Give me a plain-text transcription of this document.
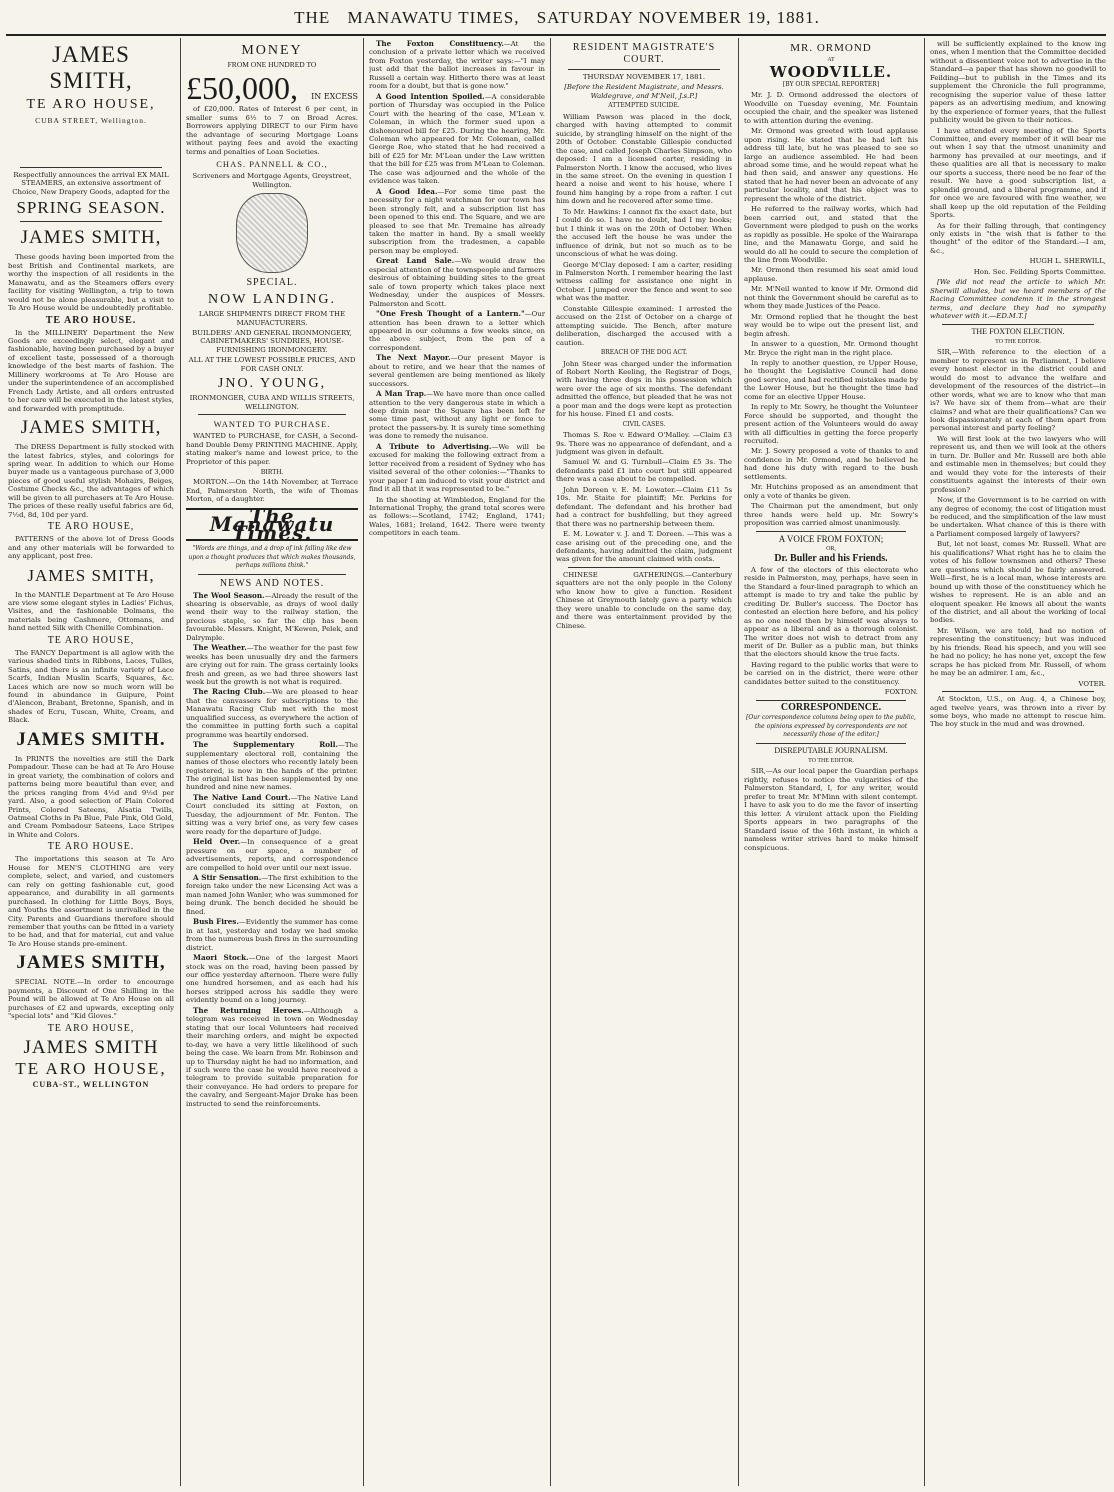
THE MANAWATU TIMES, SATURDAY NOVEMBER 19, 1881.
JAMES SMITH,
TE ARO HOUSE,
CUBA STREET, Wellington.

Respectfully announces the arrival EX MAIL STEAMERS, an extensive assortment of Choice, New Drapery Goods, adapted for the

SPRING SEASON.
JAMES SMITH,

These goods having been imported from the best British and Continental markets, are worthy the inspection of all residents in the Manawatu, and as the Steamers offers every facility for visiting Wellington, a trip to town would not be alone pleasurable, but a visit to Te Aro House would be undoubtedly profitable.

TE ARO HOUSE.

In the MILLINERY Department the New Goods are exceedingly select, elegant and fashionable, having been purchased by a buyer of excellent taste, possessed of a thorough knowledge of the best marts of fashion. The Millinery workrooms at Te Aro House are under the superintendence of an accomplished French Lady Artiste, and all orders entrusted to her care will be executed in the latest styles, and forwarded with promptitude.

JAMES SMITH,

The DRESS Department is fully stocked with the latest fabrics, styles, and colorings for spring wear. In addition to which our Home buyer made us a vantageous purchase of 3,000 pieces of good useful stylish Mohairs, Beiges, Costume Checks &c., the advantages of which will be given to all purchasers at Te Aro House. The prices of these really useful fabrics are 6d, 7½d, 8d, 10d per yard.

TE ARO HOUSE,

PATTERNS of the above lot of Dress Goods and any other materials will be forwarded to any applicant, post free.

JAMES SMITH,

In the MANTLE Department at Te Aro House are view some elegant styles in Ladies' Fichus, Visites, and the fashionable Dolmans, the materials being Cashmere, Ottomans, and hand netted Silk with Chenille Combination.

TE ARO HOUSE,

The FANCY Department is all aglow with the various shaded tints in Ribbons, Laces, Tulles, Satins, and there is an infinite variety of Lace Scarfs, Indian Muslin Scarfs, Squares, &c. Laces which are now so much worn will be found in abundance in Guipure, Point d'Alencon, Brabant, Bretonne, Spanish, and in shades of Ecru, Tuscan, White, Cream, and Black.

JAMES SMITH.

In PRINTS the novelties are still the Dark Pompadour. These can be had at Te Aro House in great variety, the combination of colors and patterns being more beautiful than ever, and the prices ranging from 4½d and 9½d per yard. Also, a good selection of Plain Colored Prints, Colored Sateens, Alsatia Twills, Oatmeal Cloths in Pa Blue, Pale Pink, Old Gold, and Cream Pombadour Sateens, Lace Stripes in White and Colors.

TE ARO HOUSE.

The importations this season at Te Aro House for MEN'S CLOTHING are very complete, select, and varied, and customers can rely on getting fashionable cut, good appearance, and durability in all garments purchased. In clothing for Little Boys, Boys, and Youths the assortment is unrivalled in the City. Parents and Guardians therefore should remember that youths can be fitted in a variety to be had, and that for material, cut and value Te Aro House stands pre-eminent.

JAMES SMITH,

SPECIAL NOTE.—In order to encourage payments, a Discount of One Shilling in the Pound will be allowed at Te Aro House on all purchases of £2 and upwards, excepting only "special lots" and "Kid Gloves."

TE ARO HOUSE,
JAMES SMITH
TE ARO HOUSE,
CUBA-ST., WELLINGTON
MONEY
FROM ONE HUNDRED TO
£50,000, IN EXCESS

of £20,000. Rates of Interest 6 per cent, in smaller sums 6½ to 7 on Broad Acres. Borrowers applying DIRECT to our Firm have the advantage of securing Mortgage Loans without paying fees and avoid the exacting terms and penalties of Loan Societies.

CHAS. PANNELL & CO.,

Scriveners and Mortgage Agents, Greystreet, Wellington.

SPECIAL.
NOW LANDING.

LARGE SHIPMENTS DIRECT FROM THE MANUFACTURERS.

BUILDERS' AND GENERAL IRONMONGERY, CABINETMAKERS' SUNDRIES, HOUSE-FURNISHING IRONMONGERY.

ALL AT THE LOWEST POSSIBLE PRICES, AND FOR CASH ONLY.

JNO. YOUNG,

IRONMONGER, CUBA AND WILLIS STREETS, WELLINGTON.

WANTED TO PURCHASE.

WANTED to PURCHASE, for CASH, a Second-hand Double Demy PRINTING MACHINE. Apply, stating maker's name and lowest price, to the Proprietor of this paper.

BIRTH.

MORTON.—On the 14th November, at Terrace End, Palmerston North, the wife of Thomas Morton, of a daughter.

The Manawatu Times.

"Words are things, and a drop of ink falling like dew upon a thought produces that which makes thousands, perhaps millions think."

NEWS AND NOTES.

The Wool Season.—Already the result of the shearing is observable, as drays of wool daily wend their way to the railway station, the precious staple, so far the clip has been favourable. Messrs. Knight, M'Kewen, Pelek, and Dalrymple.

The Weather.—The weather for the past few weeks has been unusually dry and the farmers are crying out for rain. The grass certainly looks fresh and green, as we had three showers last week but the growth is not what is required.

The Racing Club.—We are pleased to hear that the canvassers for subscriptions to the Manawatu Racing Club met with the most unqualified success, as everywhere the action of the committee in putting forth such a capital programme was heartily endorsed.

The Supplementary Roll.—The supplementary electoral roll, containing the names of those electors who recently lately been registered, is now in the hands of the printer. The original list has been supplemented by one hundred and nine new names.

The Native Land Court.—The Native Land Court concluded its sitting at Foxton, on Tuesday, the adjournment of Mr. Fenton. The sitting was a very brief one, as very few cases were ready for the departure of Judge.

Held Over.—In consequence of a great pressure on our space, a number of advertisements, reports, and correspondence are compelled to hold over until our next issue.

A Stir Sensation.—The first exhibition to the foreign take under the new Licensing Act was a man named John Wanler, who was summoned for being drunk. The bench decided he should be fined.

Bush Fires.—Evidently the summer has come in at last, yesterday and today we had smoke from the numerous bush fires in the surrounding district.

Maori Stock.—One of the largest Maori stock was on the road, having been passed by our office yesterday afternoon. There were fully one hundred horsemen, and as each had his horses stripped across his saddle they were evidently bound on a long journey.

The Returning Heroes.—Although a telegram was received in town on Wednesday stating that our local Volunteers had received their marching orders, and might be expected to-day, we have a very little likelihood of such being the case. We learn from Mr. Robinson and up to Thursday night he had no information, and if such were the case he would have received a telegram to provide suitable preparation for their conveyance. He had orders to prepare for the cavalry, and Sergeant-Major Drake has been instructed to send the reinforcements.

The Foxton Constituency.—At the conclusion of a private letter which we received from Foxton yesterday, the writer says:—"I may just add that the ballot increases in favour in Russell a certain way. Hitherto there was at least room for a doubt, but that is gone now."

A Good Intention Spoiled.—A considerable portion of Thursday was occupied in the Police Court with the hearing of the case, M'Lean v. Coleman, in which the former sued upon a dishonoured bill for £25. During the hearing, Mr. Coleman who appeared for Mr. Coleman, called George Roe, who stated that he had received a bill of £25 for Mr. M'Lean under the Law written that the bill for £25 was from M'Lean to Coleman. The case was adjourned and the whole of the evidence was taken.

A Good Idea.—For some time past the necessity for a night watchman for our town has been strongly felt, and a subscription list has been opened to this end. The Square, and we are pleased to see that Mr. Tremaine has already taken the matter in hand. By a small weekly subscription from the tradesmen, a capable person may be employed.

Great Land Sale.—We would draw the especial attention of the townspeople and farmers desirous of obtaining building sites to the great sale of town property which takes place next Wednesday, under the auspices of Messrs. Palmerston and Scott.

"One Fresh Thought of a Lantern."—Our attention has been drawn to a letter which appeared in our columns a few weeks since, on the above subject, from the pen of a correspondent.

The Next Mayor.—Our present Mayor is about to retire, and we hear that the names of several gentlemen are being mentioned as likely successors.

A Man Trap.—We have more than once called attention to the very dangerous state in which a deep drain near the Square has been left for some time past, without any light or fence to protect the passers-by. It is surely time something was done to remedy the nuisance.

A Tribute to Advertising.—We will be excused for making the following extract from a letter received from a resident of Sydney who has visited several of the other colonies:—"Thanks to your paper I am induced to visit your district and find it all that it was represented to be."

In the shooting at Wimbledon, England for the International Trophy, the grand total scores were as follows:—Scotland, 1742; England, 1741; Wales, 1681; Ireland, 1642. There were twenty competitors in each team.

RESIDENT MAGISTRATE'S COURT.

THURSDAY NOVEMBER 17, 1881.

[Before the Resident Magistrate, and Messrs. Waldegrave, and M'Neil, J.s.P.]

ATTEMPTED SUICIDE.

William Pawson was placed in the dock, charged with having attempted to commit suicide, by strangling himself on the night of the 20th of October. Constable Gillespie conducted the case, and called Joseph Charles Simpson, who deposed: I am a licensed carter, residing in Palmerston North. I know the accused, who lives in the same street. On the evening in question I heard a noise and went to his house, where I found him hanging by a rope from a rafter. I cut him down and he recovered after some time.

To Mr. Hawkins: I cannot fix the exact date, but I could do so. I have no doubt, had I my books; but I think it was on the 20th of October. When the accused left the house he was under the influence of drink, but not so much as to be unconscious of what he was doing.

George M'Clay deposed: I am a carter, residing in Palmerston North. I remember hearing the last witness calling for assistance one night in October. I jumped over the fence and went to see what was the matter.

Constable Gillespie examined: I arrested the accused on the 21st of October on a charge of attempting suicide. The Bench, after mature deliberation, discharged the accused with a caution.

BREACH OF THE DOG ACT.

John Steer was charged under the information of Robert North Keeling, the Registrar of Dogs, with having three dogs in his possession which were over the age of six months. The defendant admitted the offence, but pleaded that he was not a poor man and the dogs were kept as protection for his house. Fined £1 and costs.

CIVIL CASES.

Thomas S. Roe v. Edward O'Malley. —Claim £3 9s. There was no appearance of defendant, and a judgment was given in default.

Samuel W. and G. Turnbull—Claim £5 3s. The defendants paid £1 into court but still appeared there was a case about to be compelled.

John Doreen v. E. M. Lowater.—Claim £11 5s 10s. Mr. Staite for plaintiff; Mr. Perkins for defendant. The defendant and his brother had had a contract for bushfelling, but they agreed that there was no partnership between them.

E. M. Lowater v. J. and T. Doreen. —This was a case arising out of the preceding one, and the defendants, having admitted the claim, judgment was given for the amount claimed with costs.

CHINESE GATHERINGS.—Canterbury squatters are not the only people in the Colony who know how to give a function. Resident Chinese at Greymouth lately gave a party which they were unable to conclude on the same day, and there was entertainment provided by the Chinese.

MR. ORMOND
AT
WOODVILLE.

[BY OUR SPECIAL REPORTER]

Mr. J. D. Ormond addressed the electors of Woodville on Tuesday evening, Mr. Fountain occupied the chair, and the speaker was listened to with attention during the evening.

Mr. Ormond was greeted with loud applause upon rising. He stated that he had left his address till late, but he was pleased to see so large an audience assembled. He had been abroad some time, and he would repeat what he had then said, and answer any questions. He stated that he had never been an advocate of any particular locality, and that his object was to represent the whole of the district.

He referred to the railway works, which had been carried out, and stated that the Government were pledged to push on the works as rapidly as possible. He spoke of the Wairarapa line, and the Manawatu Gorge, and said he would do all he could to secure the completion of the line from Woodville.

Mr. Ormond then resumed his seat amid loud applause.

Mr. M'Neil wanted to know if Mr. Ormond did not think the Government should be careful as to whom they made Justices of the Peace.

Mr. Ormond replied that he thought the best way would be to wipe out the present list, and begin afresh.

In answer to a question, Mr. Ormond thought Mr. Bryce the right man in the right place.

In reply to another question, re Upper House, he thought the Legislative Council had done good service, and had rectified mistakes made by the Lower House, but he thought the time had come for an elective Upper House.

In reply to Mr. Sowry, he thought the Volunteer Force should be supported, and thought the present action of the Volunteers would do away with all difficulties in getting the force properly recruited.

Mr. J. Sowry proposed a vote of thanks to and confidence in Mr. Ormond, and he believed he had done his duty with regard to the bush settlements.

Mr. Hutchins proposed as an amendment that only a vote of thanks be given.

The Chairman put the amendment, but only three hands were held up. Mr. Sowry's proposition was carried almost unanimously.

A VOICE FROM FOXTON;
OR,
Dr. Buller and his Friends.

A few of the electors of this electorate who reside in Palmerston, may, perhaps, have seen in the Standard a four-lined paragraph to which an attempt is made to try and take the public by crediting Dr. Buller's success. The Doctor has contested an election here before, and his policy as no one need then by himself was always to appear as a liberal and as a thorough colonist. The writer does not wish to detract from any merit of Dr. Buller as a public man, but thinks that the electors should know the true facts.

Having regard to the public works that were to be carried on in the district, there were other candidates better suited to the constituency.

FOXTON.

CORRESPONDENCE.

[Our correspondence columns being open to the public, the opinions expressed by correspondents are not necessarily those of the editor.]

DISREPUTABLE JOURNALISM.
TO THE EDITOR.

SIR,—As our local paper the Guardian perhaps rightly, refuses to notice the vulgarities of the Palmerston Standard, I, for any writer, would prefer to treat Mr. M'Minn with silent contempt. I have to ask you to do me the favor of inserting this letter. A virulent attack upon the Fielding Sports appears in two paragraphs of the Standard issue of the 16th instant, in which a nameless writer strives hard to make himself conspicuous.

will be sufficiently explained to the know ing ones, when I mention that the Committee decided without a dissentient voice not to advertise in the Standard—a paper that has shown no goodwill to Feilding—but to publish in the Times and its supplement the Chronicle the full programme, recognising the superior value of these latter papers as an advertising medium, and knowing by the experience of former years, that the fullest publicity would be given to their notices.

I have attended every meeting of the Sports Committee, and every member of it will bear me out when I say that the utmost unanimity and harmony has prevailed at our meetings, and if these qualities are all that is necessary to make our sports a success, there need be no fear of the result. We have a good subscription list, a splendid ground, and a liberal programme, and if for once we are favoured with fine weather, we shall keep up the old reputation of the Feilding Sports.

As for their falling through, that contingency only exists in "the wish that is father to the thought" of the editor of the Standard.—I am, &c.,

HUGH L. SHERWILL,

Hon. Sec. Feilding Sports Committee.

[We did not read the article to which Mr. Sherwill alludes, but we heard members of the Racing Committee condemn it in the strongest terms, and declare they had no sympathy whatever with it.—ED.M.T.]

THE FOXTON ELECTION.
TO THE EDITOR.

SIR,—With reference to the election of a member to represent us in Parliament, I believe every honest elector in the district could and would do most to advance the welfare and development of the resources of the district—in other words, what we are to know who that man is? We have six of them from—what are their claims? and what are their qualifications? Can we look dispassionately at each of them apart from personal interest and party feeling?

We will first look at the two lawyers who will represent us, and then we will look at the others in turn. Dr. Buller and Mr. Russell are both able and estimable men in themselves; but could they and would they vote for the interests of their constituents against the interests of their own profession?

Now, if the Government is to be carried on with any degree of economy, the cost of litigation must be reduced, and the simplification of the law must be undertaken. What chance of this is there with a Parliament composed largely of lawyers?

But, let not least, comes Mr. Russell. What are his qualifications? What right has he to claim the votes of his fellow townsmen and others? These are questions which should be fairly answered. Well—first, he is a local man, whose interests are bound up with those of the constituency which he wishes to represent. He is an able and an eloquent speaker. He knows all about the wants of the district, and all about the working of local bodies.

Mr. Wilson, we are told, had no notion of representing the constituency; but was induced by his friends. Read his speech, and you will see he had no policy; he has none yet, except the few scraps he has picked from Mr. Russell, of whom he may be an admirer. I am, &c.,

VOTER.

At Stockton, U.S., on Aug. 4, a Chinese boy, aged twelve years, was thrown into a river by some boys, who made no attempt to rescue him. The boy stuck in the mud and was drowned.
